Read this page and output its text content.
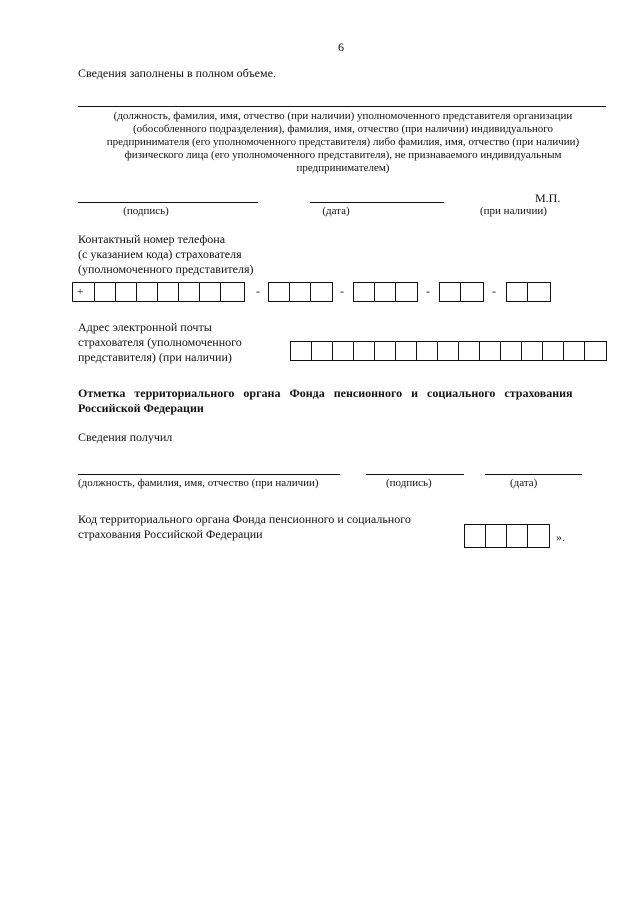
6
Сведения заполнены в полном объеме.
(должность, фамилия, имя, отчество (при наличии) уполномоченного представителя организации
(обособленного подразделения), фамилия, имя, отчество (при наличии) индивидуального
предпринимателя (его уполномоченного представителя) либо фамилия, имя, отчество (при наличии)
физического лица (его уполномоченного представителя), не признаваемого индивидуальным
предпринимателем)
М.П.
(подпись)	(дата)	(при наличии)
Контактный номер телефона
(с указанием кода) страхователя
(уполномоченного представителя)
+	-	-	-	-
Адрес электронной почты
страхователя (уполномоченного
представителя) (при наличии)
Отметка   территориального   органа   Фонда   пенсионного   и   социального   страхования
Российской Федерации
Сведения получил
(должность, фамилия, имя, отчество (при наличии)	(подпись)	(дата)
Код территориального органа Фонда пенсионного и социального
страхования Российской Федерации	».
